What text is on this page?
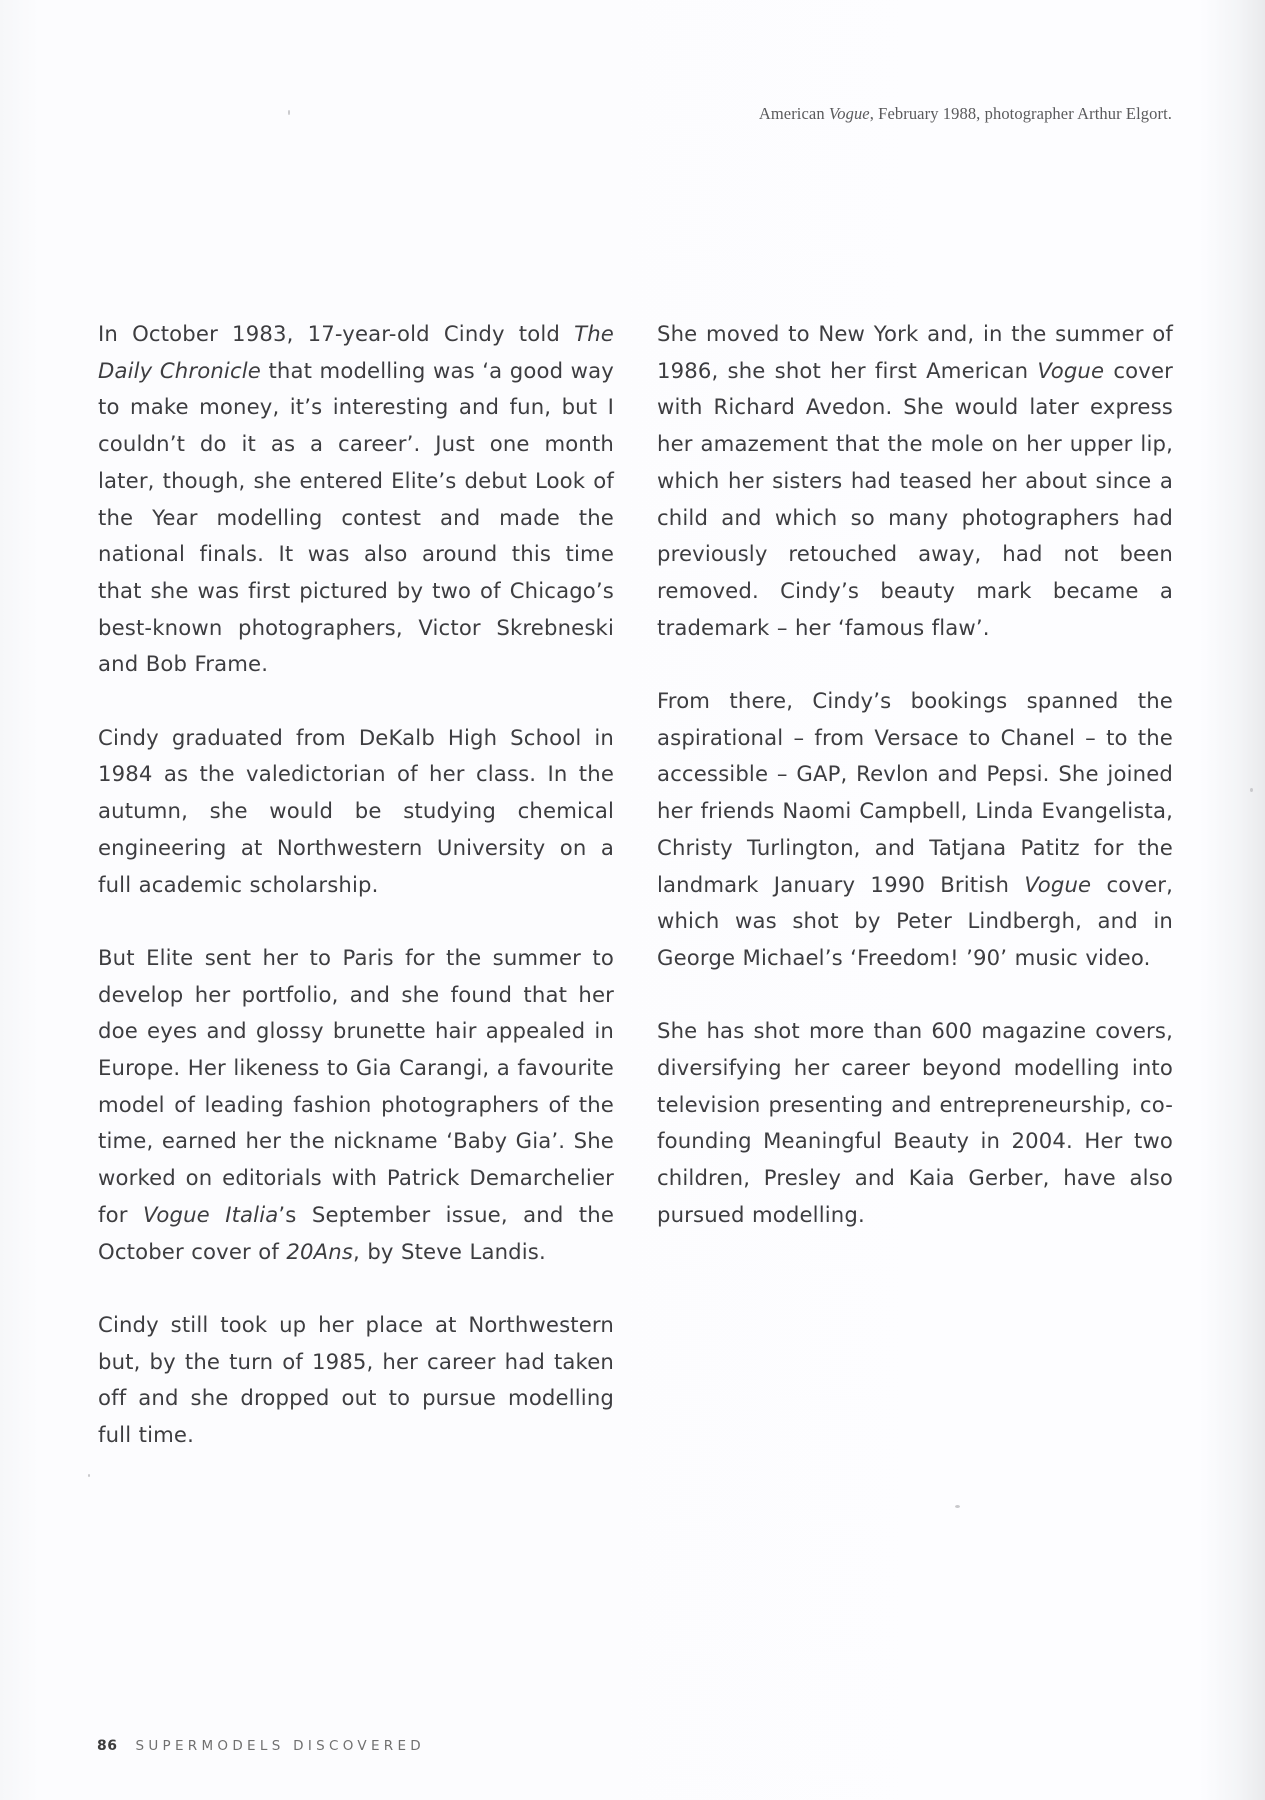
American Vogue, February 1988, photographer Arthur Elgort.

In October 1983, 17-year-old Cindy told The Daily Chronicle that modelling was ‘a good way to make money, it’s interesting and fun, but I couldn’t do it as a career’. Just one month later, though, she entered Elite’s debut Look of the Year modelling contest and made the national finals. It was also around this time that she was first pictured by two of Chicago’s best-known photographers, Victor Skrebneski and Bob Frame.

Cindy graduated from DeKalb High School in 1984 as the valedictorian of her class. In the autumn, she would be studying chemical engineering at Northwestern University on a full academic scholarship.

But Elite sent her to Paris for the summer to develop her portfolio, and she found that her doe eyes and glossy brunette hair appealed in Europe. Her likeness to Gia Carangi, a favourite model of leading fashion photographers of the time, earned her the nickname ‘Baby Gia’. She worked on editorials with Patrick Demarchelier for Vogue Italia’s September issue, and the October cover of 20Ans, by Steve Landis.

Cindy still took up her place at Northwestern but, by the turn of 1985, her career had taken off and she dropped out to pursue modelling full time.

She moved to New York and, in the summer of 1986, she shot her first American Vogue cover with Richard Avedon. She would later express her amazement that the mole on her upper lip, which her sisters had teased her about since a child and which so many photographers had previously retouched away, had not been removed. Cindy’s beauty mark became a trademark – her ‘famous flaw’.

From there, Cindy’s bookings spanned the aspirational – from Versace to Chanel – to the accessible – GAP, Revlon and Pepsi. She joined her friends Naomi Campbell, Linda Evangelista, Christy Turlington, and Tatjana Patitz for the landmark January 1990 British Vogue cover, which was shot by Peter Lindbergh, and in George Michael’s ‘Freedom! ’90’ music video.

She has shot more than 600 magazine covers, diversifying her career beyond modelling into television presenting and entrepreneurship, co-founding Meaningful Beauty in 2004. Her two children, Presley and Kaia Gerber, have also pursued modelling.

86 SUPERMODELS DISCOVERED
